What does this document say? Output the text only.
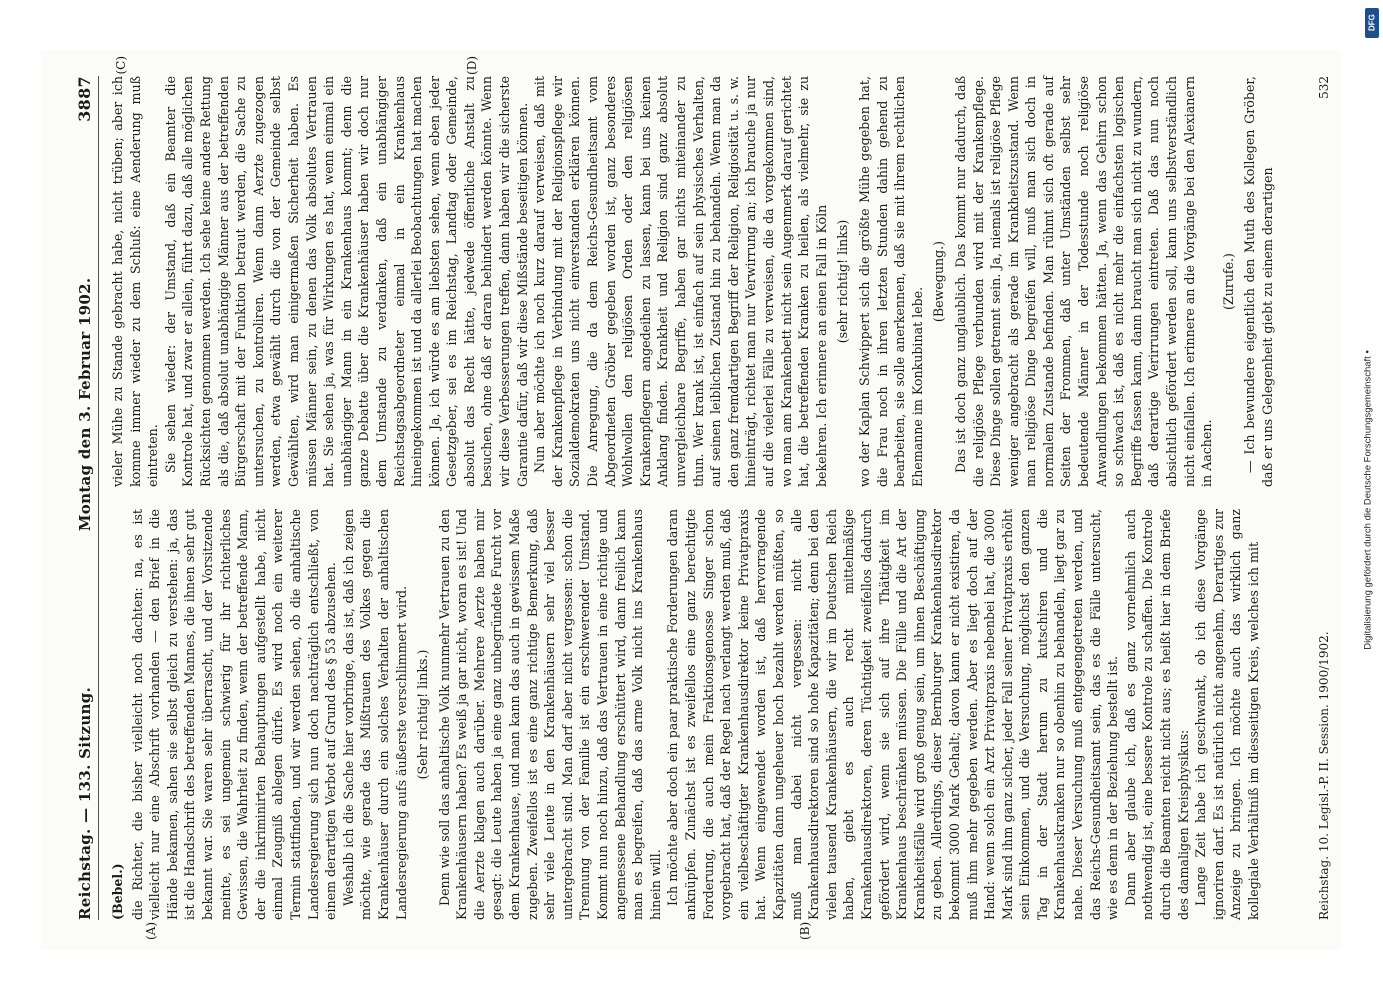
Reichstag. — 133. Sitzung.
Montag den 3. Februar 1902.
3887
(A)	(B)
(Bebel.) die Richter, die bisher vielleicht noch dachten: na, es ist vielleicht nur eine Abschrift vorhanden — den Brief in die Hände bekamen, sahen sie selbst gleich zu verstehen: ja, das ist die Handschrift des betreffenden Mannes, die ihnen sehr gut bekannt war. Sie waren sehr überrascht, und der Vorsitzende meinte, es sei ungemein schwierig für ihr richterliches Gewissen, die Wahrheit zu finden, wenn der betreffende Mann, der die inkriminirten Behauptungen aufgestellt habe, nicht einmal Zeugniß ablegen dürfe. Es wird noch ein weiterer Termin stattfinden, und wir werden sehen, ob die anhaltische Landesregierung sich nun doch nachträglich entschließt, von einem derartigen Verbot auf Grund des § 53 abzusehen. Weshalb ich die Sache hier vorbringe, das ist, daß ich zeigen möchte, wie gerade das Mißtrauen des Volkes gegen die Krankenhäuser durch ein solches Verhalten der anhaltischen Landesregierung aufs äußerste verschlimmert wird. (Sehr richtig! links.) Denn wie soll das anhaltische Volk nunmehr Vertrauen zu den Krankenhäusern haben? Es weiß ja gar nicht, woran es ist! Und die Aerzte klagen auch darüber. Mehrere Aerzte haben mir gesagt: die Leute haben ja eine ganz unbegründete Furcht vor dem Krankenhause, und man kann das auch in gewissem Maße zugeben. Zweifellos ist es eine ganz richtige Bemerkung, daß sehr viele Leute in den Krankenhäusern sehr viel besser untergebracht sind. Man darf aber nicht vergessen: schon die Trennung von der Familie ist ein erschwerender Umstand. Kommt nun noch hinzu, daß das Vertrauen in eine richtige und angemessene Behandlung erschüttert wird, dann freilich kann man es begreifen, daß das arme Volk nicht ins Krankenhaus hinein will. Ich möchte aber doch ein paar praktische Forderungen daran anknüpfen. Zunächst ist es zweifellos eine ganz berechtigte Forderung, die auch mein Fraktionsgenosse Singer schon vorgebracht hat, daß der Regel nach verlangt werden muß, daß ein vielbeschäftigter Krankenhausdirektor keine Privatpraxis hat. Wenn eingewendet worden ist, daß hervorragende Kapazitäten dann ungeheuer hoch bezahlt werden müßten, so muß man dabei nicht vergessen: nicht alle Krankenhausdirektoren sind so hohe Kapazitäten; denn bei den vielen tausend Krankenhäusern, die wir im Deutschen Reich haben, giebt es auch recht mittelmäßige Krankenhausdirektoren, deren Tüchtigkeit zweifellos dadurch gefördert wird, wenn sie sich auf ihre Thätigkeit im Krankenhaus beschränken müssen. Die Fülle und die Art der Krankheitsfälle wird groß genug sein, um ihnen Beschäftigung zu geben. Allerdings, dieser Bernburger Krankenhausdirektor bekommt 3000 Mark Gehalt; davon kann er nicht existiren, da muß ihm mehr gegeben werden. Aber es liegt doch auf der Hand: wenn solch ein Arzt Privatpraxis nebenbei hat, die 3000 Mark sind ihm ganz sicher, jeder Fall seiner Privatpraxis erhöht sein Einkommen, und die Versuchung, möglichst den ganzen Tag in der Stadt herum zu kutschiren und die Krankenhauskranken nur so obenhin zu behandeln, liegt gar zu nahe. Dieser Versuchung muß entgegengetreten werden, und das Reichs-Gesundheitsamt sein, das es die Fälle untersucht, wie es denn in der Beziehung bestellt ist. Dann aber glaube ich, daß es ganz vornehmlich auch nothwendig ist, eine bessere Kontrole zu schaffen. Die Kontrole durch die Beamten reicht nicht aus; es heißt hier in dem Briefe des damaligen Kreisphysikus: Lange Zeit habe ich geschwankt, ob ich diese Vorgänge ignoriren darf. Es ist natürlich nicht angenehm, Derartiges zur Anzeige zu bringen. Ich möchte auch das wirklich ganz kollegiale Verhältniß im diesseitigen Kreis, welches ich mit

(C)	(D)

vieler Mühe zu Stande gebracht habe, nicht trüben; aber ich komme immer wieder zu dem Schluß: eine Aenderung muß eintreten. Sie sehen wieder: der Umstand, daß ein Beamter die Kontrole hat, und zwar er allein, führt dazu, daß alle möglichen Rücksichten genommen werden. Ich sehe keine andere Rettung als die, daß absolut unabhängige Männer aus der betreffenden Bürgerschaft mit der Funktion betraut werden, die Sache zu untersuchen, zu kontroliren. Wenn dann Aerzte zugezogen werden, etwa gewählt durch die von der Gemeinde selbst Gewählten, wird man einigermaßen Sicherheit haben. Es müssen Männer sein, zu denen das Volk absolutes Vertrauen hat. Sie sehen ja, was für Wirkungen es hat, wenn einmal ein unabhängiger Mann in ein Krankenhaus kommt; denn die ganze Debatte über die Krankenhäuser haben wir doch nur dem Umstande zu verdanken, daß ein unabhängiger Reichstagsabgeordneter einmal in ein Krankenhaus hineingekommen ist und da allerlei Beobachtungen hat machen können. Ja, ich würde es am liebsten sehen, wenn eben jeder Gesetzgeber, sei es im Reichstag, Landtag oder Gemeinde, absolut das Recht hätte, jedwede öffentliche Anstalt zu besuchen, ohne daß er daran behindert werden könnte. Wenn wir diese Verbesserungen treffen, dann haben wir die sicherste Garantie dafür, daß wir diese Mißstände beseitigen können. Nun aber möchte ich noch kurz darauf verweisen, daß mit der Krankenpflege in Verbindung mit der Religionspflege wir Sozialdemokraten uns nicht einverstanden erklären können. Die Anregung, die da dem Reichs-Gesundheitsamt vom Abgeordneten Gröber gegeben worden ist, ganz besonderes Wohlwollen den religiösen Orden oder den religiösen Krankenpflegern angedeihen zu lassen, kann bei uns keinen Anklang finden. Krankheit und Religion sind ganz absolut unvergleichbare Begriffe, haben gar nichts miteinander zu thun. Wer krank ist, ist einfach auf sein physisches Verhalten, auf seinen leiblichen Zustand hin zu behandeln. Wenn man da den ganz fremdartigen Begriff der Religion, Religiosität u. s. w. hineinträgt, richtet man nur Verwirrung an; ich brauche ja nur auf die vielerlei Fälle zu verweisen, die da vorgekommen sind, wo man am Krankenbett nicht sein Augenmerk darauf gerichtet hat, die betreffenden Kranken zu heilen, als vielmehr, sie zu bekehren. Ich erinnere an einen Fall in Köln (sehr richtig! links) wo der Kaplan Schwippert sich die größte Mühe gegeben hat, die Frau noch in ihren letzten Stunden dahin gehend zu bearbeiten, sie solle anerkennen, daß sie mit ihrem rechtlichen Ehemanne im Konkubinat lebe.

(Bewegung.) Das ist doch ganz unglaublich. Das kommt nur dadurch, daß die religiöse Pflege verbunden wird mit der Krankenpflege. Diese Dinge sollen getrennt sein. Ja, niemals ist religiöse Pflege weniger angebracht als gerade im Krankheitszustand. Wenn man religiöse Dinge begreifen will, muß man sich doch in normalem Zustande befinden. Man rühmt sich oft gerade auf Seiten der Frommen, daß unter Umständen selbst sehr bedeutende Männer in der Todesstunde noch religiöse Anwandlungen bekommen hätten. Ja, wenn das Gehirn schon so schwach ist, daß es nicht mehr die einfachsten logischen Begriffe fassen kann, dann braucht man sich nicht zu wundern, daß derartige Verirrungen eintreten. Daß das nun noch absichtlich gefördert werden soll, kann uns selbstverständlich nicht einfallen. Ich erinnere an die Vorgänge bei den Alexianern in Aachen.

(Zurufe.) — Ich bewundere eigentlich den Muth des Kollegen Gröber, daß er uns Gelegenheit giebt zu einem derartigen

Reichstag. 10. Legisl.-P. II. Session. 1900/1902.
532
Digitalisierung gefördert durch die Deutsche Forschungsgemeinschaft •
DFG
